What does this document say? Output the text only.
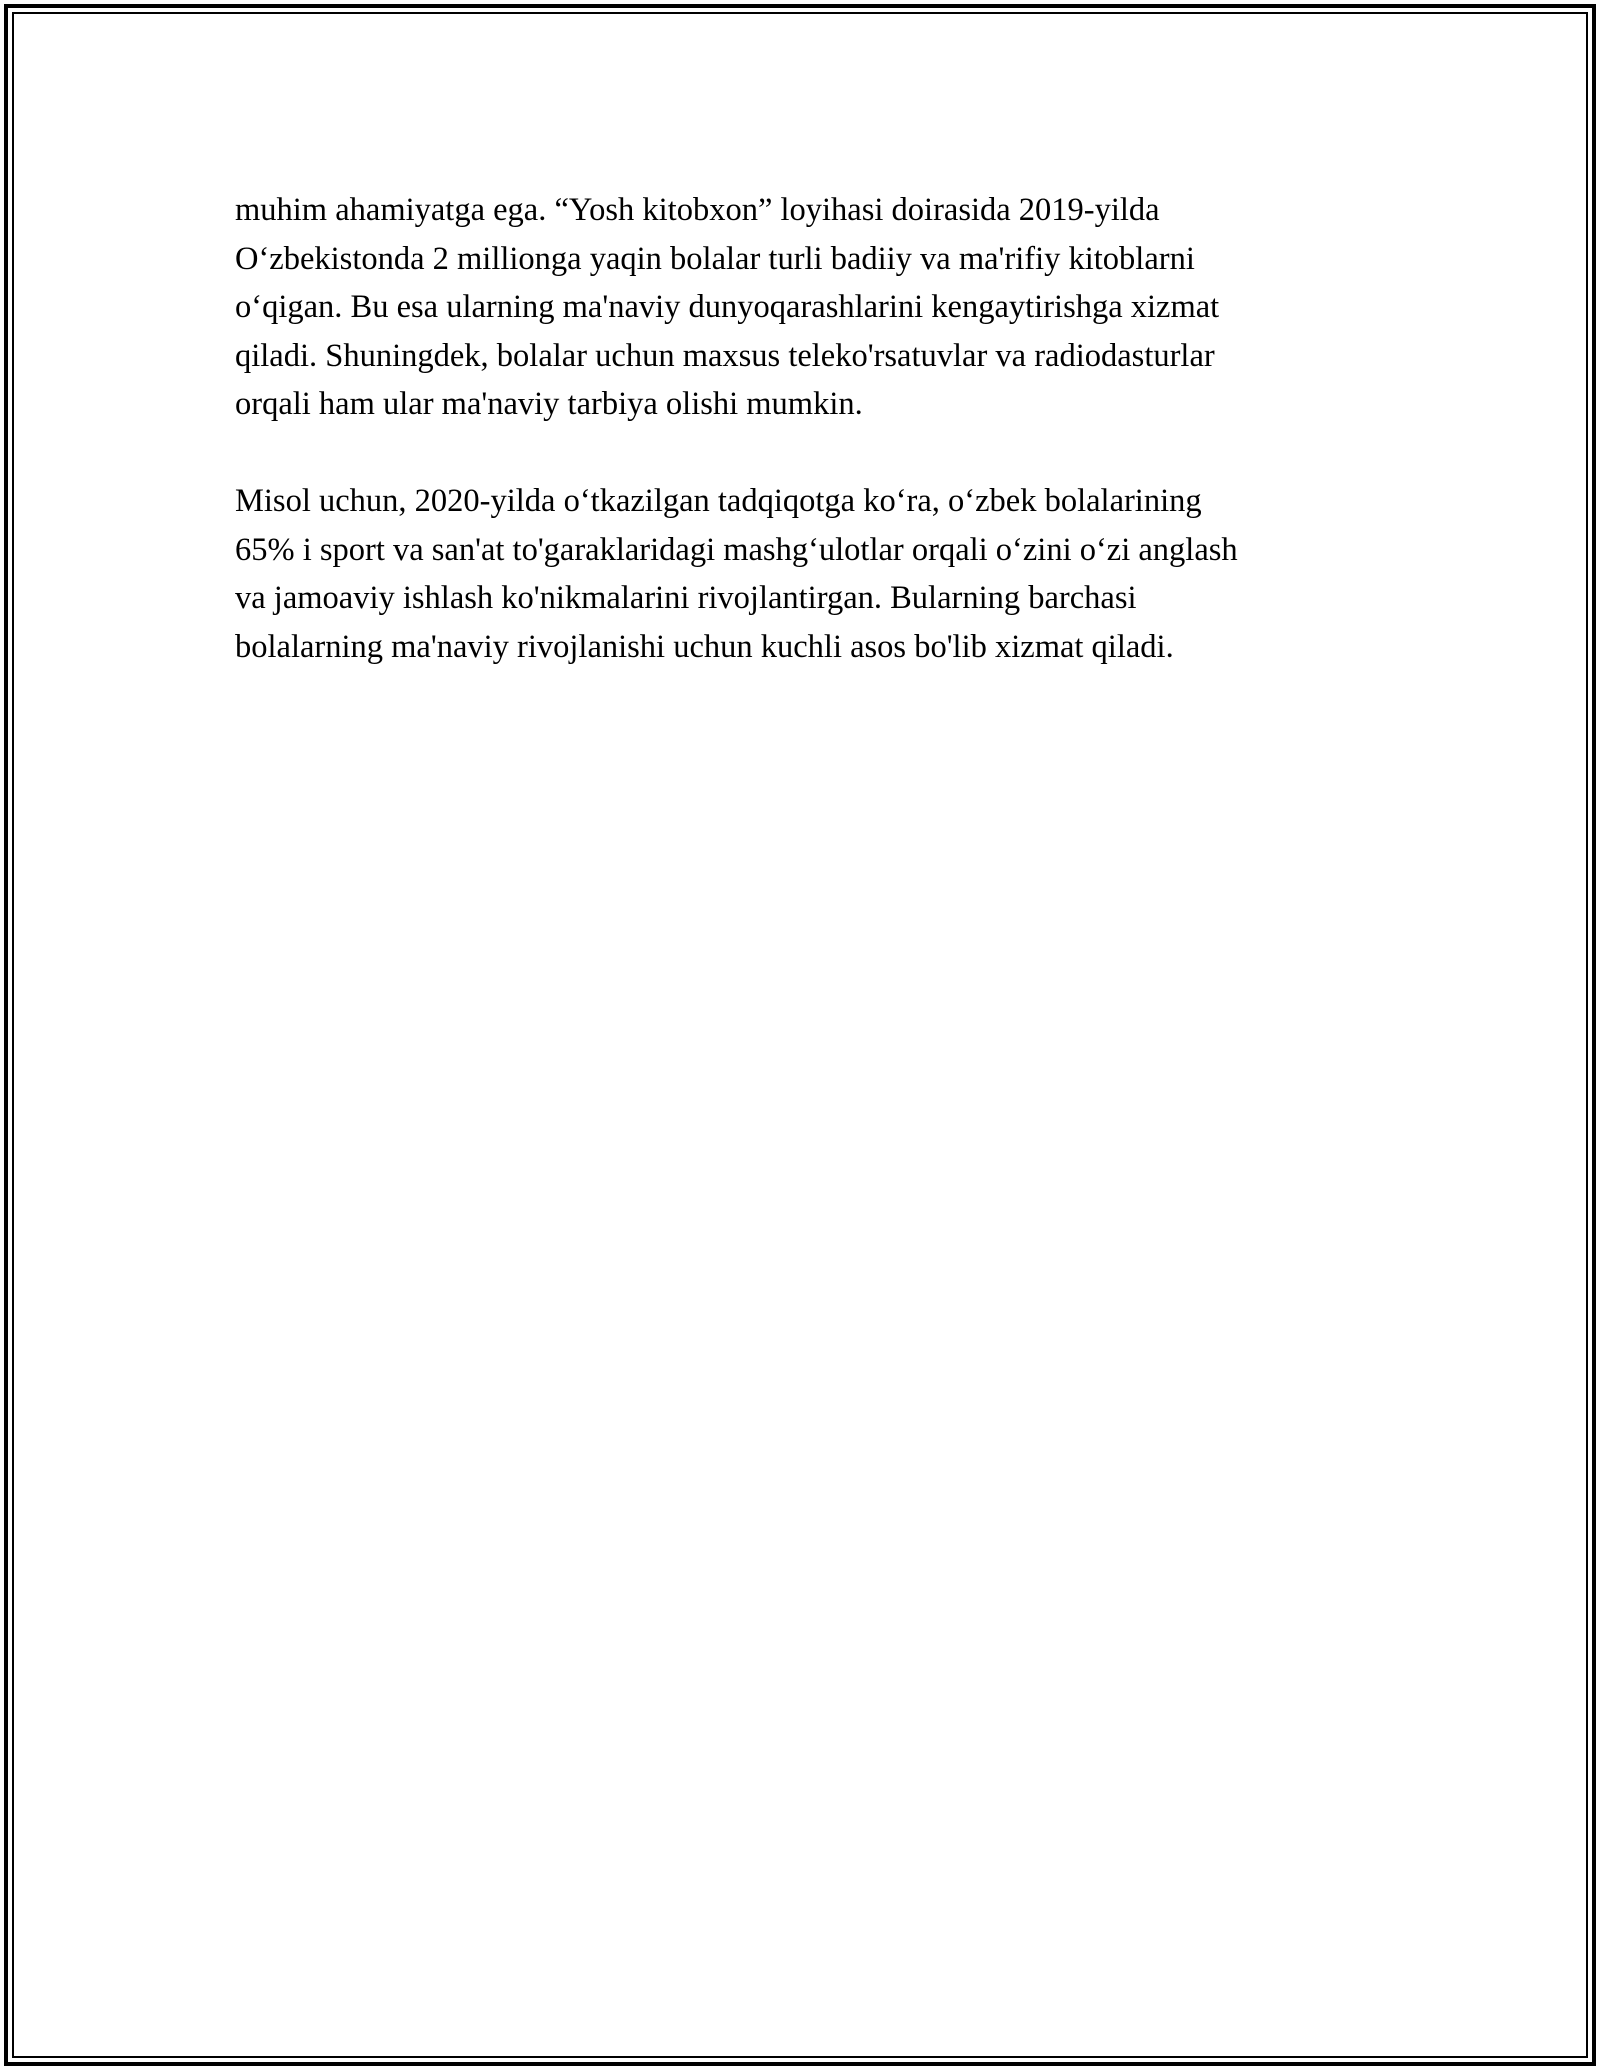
muhim ahamiyatga ega. “Yosh kitobxon” loyihasi doirasida 2019-yilda
O‘zbekistonda 2 millionga yaqin bolalar turli badiiy va ma'rifiy kitoblarni
o‘qigan. Bu esa ularning ma'naviy dunyoqarashlarini kengaytirishga xizmat
qiladi. Shuningdek, bolalar uchun maxsus teleko'rsatuvlar va radiodasturlar
orqali ham ular ma'naviy tarbiya olishi mumkin.
Misol uchun, 2020-yilda o‘tkazilgan tadqiqotga ko‘ra, o‘zbek bolalarining
65% i sport va san'at to'garaklaridagi mashg‘ulotlar orqali o‘zini o‘zi anglash
va jamoaviy ishlash ko'nikmalarini rivojlantirgan. Bularning barchasi
bolalarning ma'naviy rivojlanishi uchun kuchli asos bo'lib xizmat qiladi.
